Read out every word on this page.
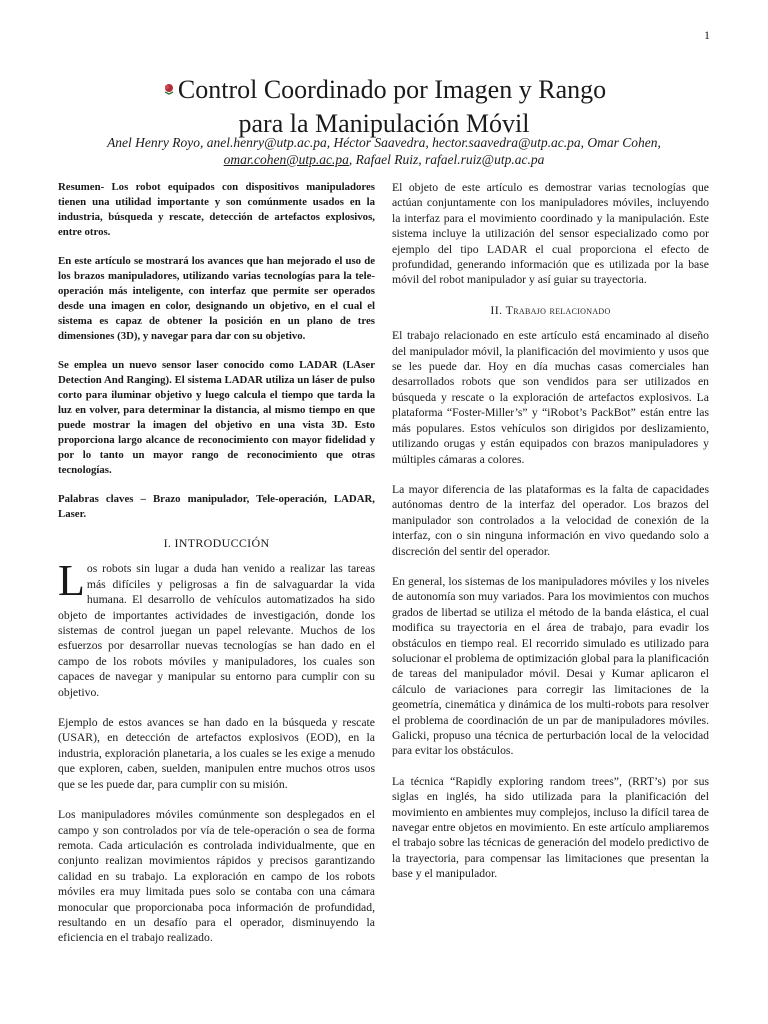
1
Control Coordinado por Imagen y Rango
para la Manipulación Móvil
Anel Henry Royo, anel.henry@utp.ac.pa, Héctor Saavedra, hector.saavedra@utp.ac.pa, Omar Cohen,
omar.cohen@utp.ac.pa, Rafael Ruiz, rafael.ruiz@utp.ac.pa

Resumen- Los robot equipados con dispositivos manipuladores tienen una utilidad importante y son comúnmente usados en la industria, búsqueda y rescate, detección de artefactos explosivos, entre otros.

En este artículo se mostrará los avances que han mejorado el uso de los brazos manipuladores, utilizando varias tecnologías para la tele-operación más inteligente, con interfaz que permite ser operados desde una imagen en color, designando un objetivo, en el cual el sistema es capaz de obtener la posición en un plano de tres dimensiones (3D), y navegar para dar con su objetivo.

Se emplea un nuevo sensor laser conocido como LADAR (LAser Detection And Ranging). El sistema LADAR utiliza un láser de pulso corto para iluminar objetivo y luego calcula el tiempo que tarda la luz en volver, para determinar la distancia, al mismo tiempo en que puede mostrar la imagen del objetivo en una vista 3D. Esto proporciona largo alcance de reconocimiento con mayor fidelidad y por lo tanto un mayor rango de reconocimiento que otras tecnologías.

Palabras claves – Brazo manipulador, Tele-operación, LADAR, Laser.

I. INTRODUCCIÓN

Los robots sin lugar a duda han venido a realizar las tareas más difíciles y peligrosas a fin de salvaguardar la vida humana. El desarrollo de vehículos automatizados ha sido objeto de importantes actividades de investigación, donde los sistemas de control juegan un papel relevante. Muchos de los esfuerzos por desarrollar nuevas tecnologías se han dado en el campo de los robots móviles y manipuladores, los cuales son capaces de navegar y manipular su entorno para cumplir con su objetivo.

Ejemplo de estos avances se han dado en la búsqueda y rescate (USAR), en detección de artefactos explosivos (EOD), en la industria, exploración planetaria, a los cuales se les exige a menudo que exploren, caben, suelden, manipulen entre muchos otros usos que se les puede dar, para cumplir con su misión.

Los manipuladores móviles comúnmente son desplegados en el campo y son controlados por vía de tele-operación o sea de forma remota. Cada articulación es controlada individualmente, que en conjunto realizan movimientos rápidos y precisos garantizando calidad en su trabajo. La exploración en campo de los robots móviles era muy limitada pues solo se contaba con una cámara monocular que proporcionaba poca información de profundidad, resultando en un desafío para el operador, disminuyendo la eficiencia en el trabajo realizado.

El objeto de este artículo es demostrar varias tecnologías que actúan conjuntamente con los manipuladores móviles, incluyendo la interfaz para el movimiento coordinado y la manipulación. Este sistema incluye la utilización del sensor especializado como por ejemplo del tipo LADAR el cual proporciona el efecto de profundidad, generando información que es utilizada por la base móvil del robot manipulador y así guiar su trayectoria.

II. Trabajo relacionado

El trabajo relacionado en este artículo está encaminado al diseño del manipulador móvil, la planificación del movimiento y usos que se les puede dar. Hoy en día muchas casas comerciales han desarrollados robots que son vendidos para ser utilizados en búsqueda y rescate o la exploración de artefactos explosivos. La plataforma “Foster-Miller’s” y “iRobot’s PackBot” están entre las más populares. Estos vehículos son dirigidos por deslizamiento, utilizando orugas y están equipados con brazos manipuladores y múltiples cámaras a colores.

La mayor diferencia de las plataformas es la falta de capacidades autónomas dentro de la interfaz del operador. Los brazos del manipulador son controlados a la velocidad de conexión de la interfaz, con o sin ninguna información en vivo quedando solo a discreción del sentir del operador.

En general, los sistemas de los manipuladores móviles y los niveles de autonomía son muy variados. Para los movimientos con muchos grados de libertad se utiliza el método de la banda elástica, el cual modifica su trayectoria en el área de trabajo, para evadir los obstáculos en tiempo real. El recorrido simulado es utilizado para solucionar el problema de optimización global para la planificación de tareas del manipulador móvil. Desai y Kumar aplicaron el cálculo de variaciones para corregir las limitaciones de la geometría, cinemática y dinámica de los multi-robots para resolver el problema de coordinación de un par de manipuladores móviles. Galicki, propuso una técnica de perturbación local de la velocidad para evitar los obstáculos.

La técnica “Rapidly exploring random trees”, (RRT’s) por sus siglas en inglés, ha sido utilizada para la planificación del movimiento en ambientes muy complejos, incluso la difícil tarea de navegar entre objetos en movimiento. En este artículo ampliaremos el trabajo sobre las técnicas de generación del modelo predictivo de la trayectoria, para compensar las limitaciones que presentan la base y el manipulador.
